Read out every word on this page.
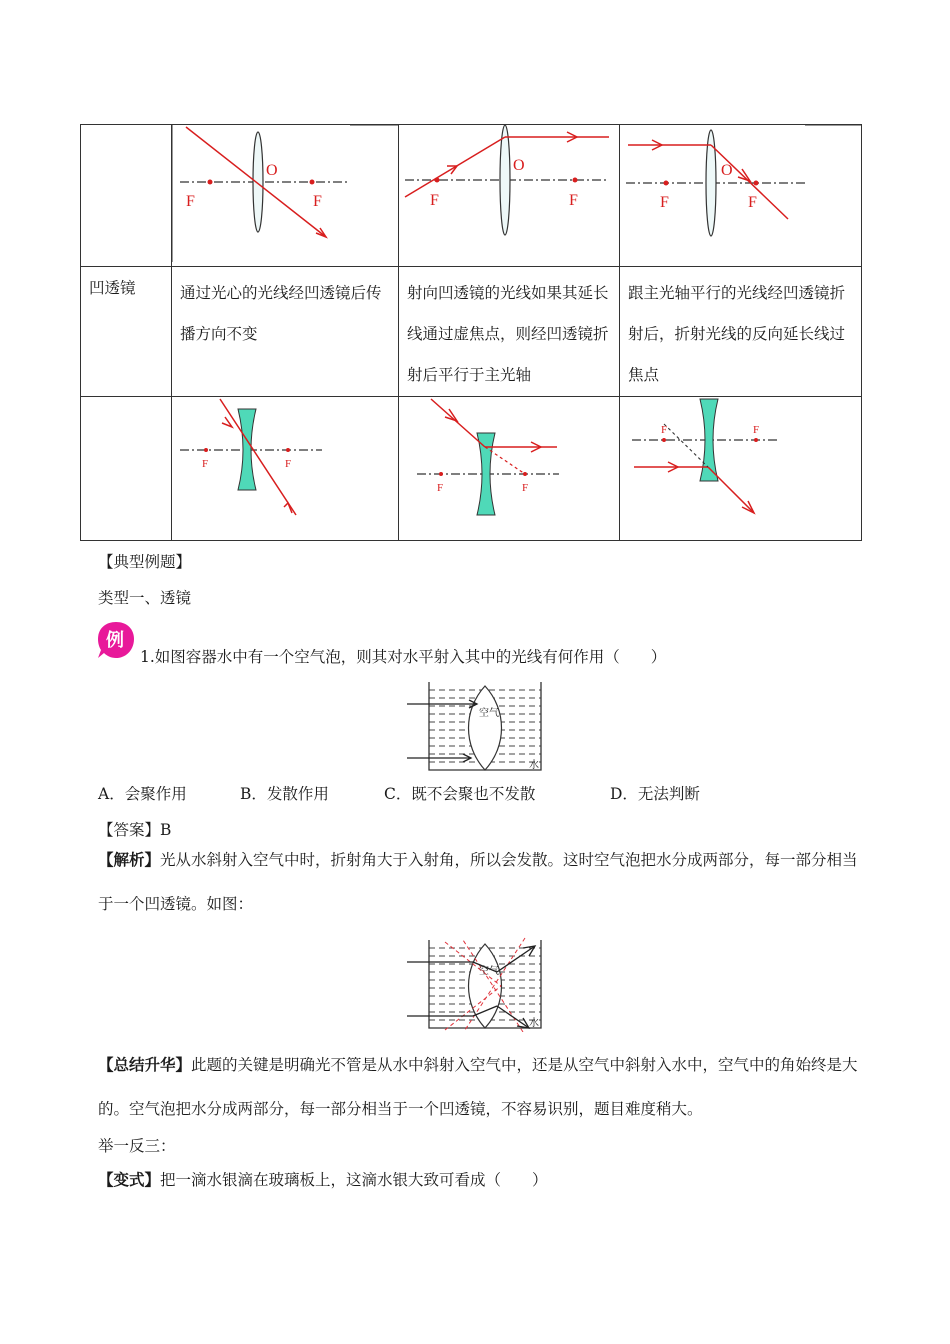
F F
O	F F
O	F F
O

凹透镜	通过光心的光线经凹透镜后传播方向不变	射向凹透镜的光线如果其延长线通过虚焦点，则经凹透镜折射后平行于主光轴	跟主光轴平行的光线经凹透镜折射后，折射光线的反向延长线过焦点

F F	F F	F F
【典型例题】
类型一、透镜
例
1.如图容器水中有一个空气泡，则其对水平射入其中的光线有何作用（　　）
空气
水
A．会聚作用	B．发散作用	C．既不会聚也不发散	D．无法判断
【答案】B
【解析】光从水斜射入空气中时，折射角大于入射角，所以会发散。这时空气泡把水分成两部分，每一部分相当于一个凹透镜。如图：
空气
水
【总结升华】此题的关键是明确光不管是从水中斜射入空气中，还是从空气中斜射入水中，空气中的角始终是大的。空气泡把水分成两部分，每一部分相当于一个凹透镜，不容易识别，题目难度稍大。
举一反三：
【变式】把一滴水银滴在玻璃板上，这滴水银大致可看成（　　）
